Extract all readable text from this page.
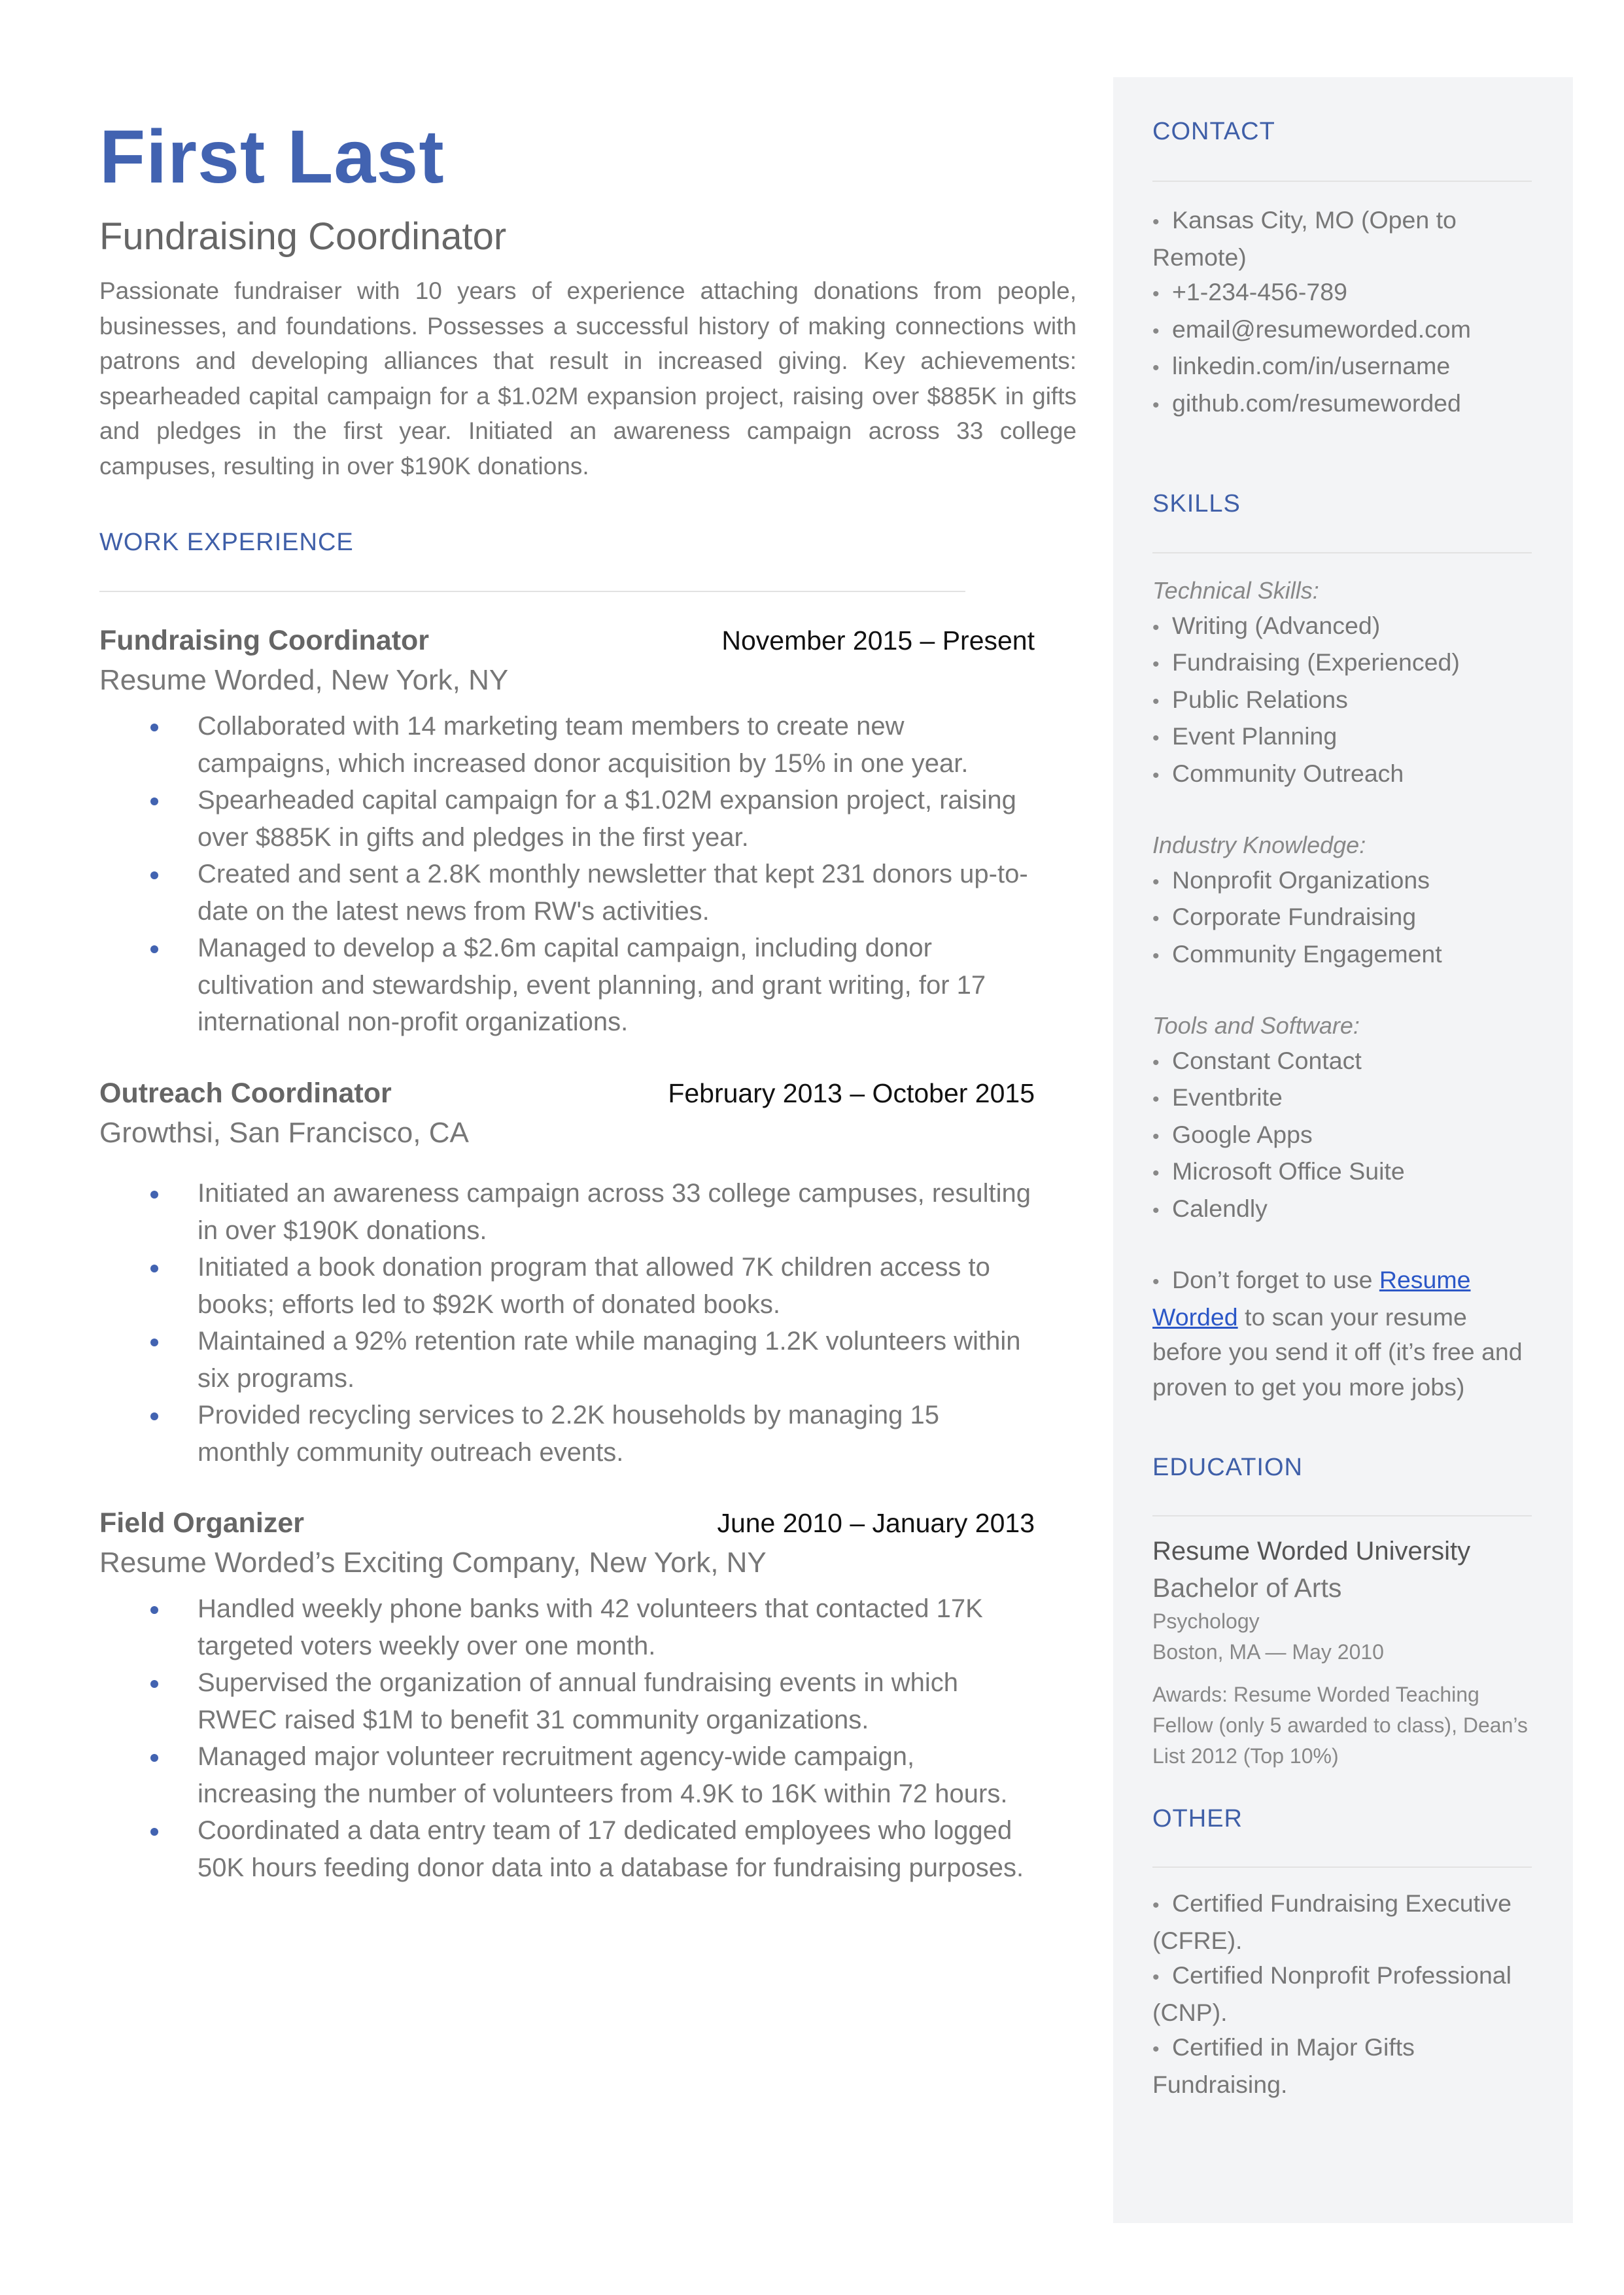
First Last
Fundraising Coordinator
Passionate fundraiser with 10 years of experience attaching donations from people, businesses, and foundations. Possesses a successful history of making connections with patrons and developing alliances that result in increased giving. Key achievements: spearheaded capital campaign for a $1.02M expansion project, raising over $885K in gifts and pledges in the first year. Initiated an awareness campaign across 33 college campuses, resulting in over $190K donations.
WORK EXPERIENCE
Fundraising Coordinator	November 2015 – Present
Resume Worded, New York, NY
Collaborated with 14 marketing team members to create new campaigns, which increased donor acquisition by 15% in one year.
Spearheaded capital campaign for a $1.02M expansion project, raising over $885K in gifts and pledges in the first year.
Created and sent a 2.8K monthly newsletter that kept 231 donors up-to-date on the latest news from RW's activities.
Managed to develop a $2.6m capital campaign, including donor cultivation and stewardship, event planning, and grant writing, for 17 international non-profit organizations.
Outreach Coordinator	February 2013 – October 2015
Growthsi, San Francisco, CA
Initiated an awareness campaign across 33 college campuses, resulting in over $190K donations.
Initiated a book donation program that allowed 7K children access to books; efforts led to $92K worth of donated books.
Maintained a 92% retention rate while managing 1.2K volunteers within six programs.
Provided recycling services to 2.2K households by managing 15 monthly community outreach events.
Field Organizer	June 2010 – January 2013
Resume Worded’s Exciting Company, New York, NY
Handled weekly phone banks with 42 volunteers that contacted 17K targeted voters weekly over one month.
Supervised the organization of annual fundraising events in which RWEC raised $1M to benefit 31 community organizations.
Managed major volunteer recruitment agency-wide campaign, increasing the number of volunteers from 4.9K to 16K within 72 hours.
Coordinated a data entry team of 17 dedicated employees who logged 50K hours feeding donor data into a database for fundraising purposes.
CONTACT
• Kansas City, MO (Open to Remote)
• +1-234-456-789
• email@resumeworded.com
• linkedin.com/in/username
• github.com/resumeworded
SKILLS
Technical Skills:
• Writing (Advanced)
• Fundraising (Experienced)
• Public Relations
• Event Planning
• Community Outreach
Industry Knowledge:
• Nonprofit Organizations
• Corporate Fundraising
• Community Engagement
Tools and Software:
• Constant Contact
• Eventbrite
• Google Apps
• Microsoft Office Suite
• Calendly
• Don’t forget to use Resume Worded to scan your resume before you send it off (it’s free and proven to get you more jobs)
EDUCATION
Resume Worded University
Bachelor of Arts
Psychology
Boston, MA — May 2010
Awards: Resume Worded Teaching Fellow (only 5 awarded to class), Dean’s List 2012 (Top 10%)
OTHER
• Certified Fundraising Executive (CFRE).
• Certified Nonprofit Professional (CNP).
• Certified in Major Gifts Fundraising.
